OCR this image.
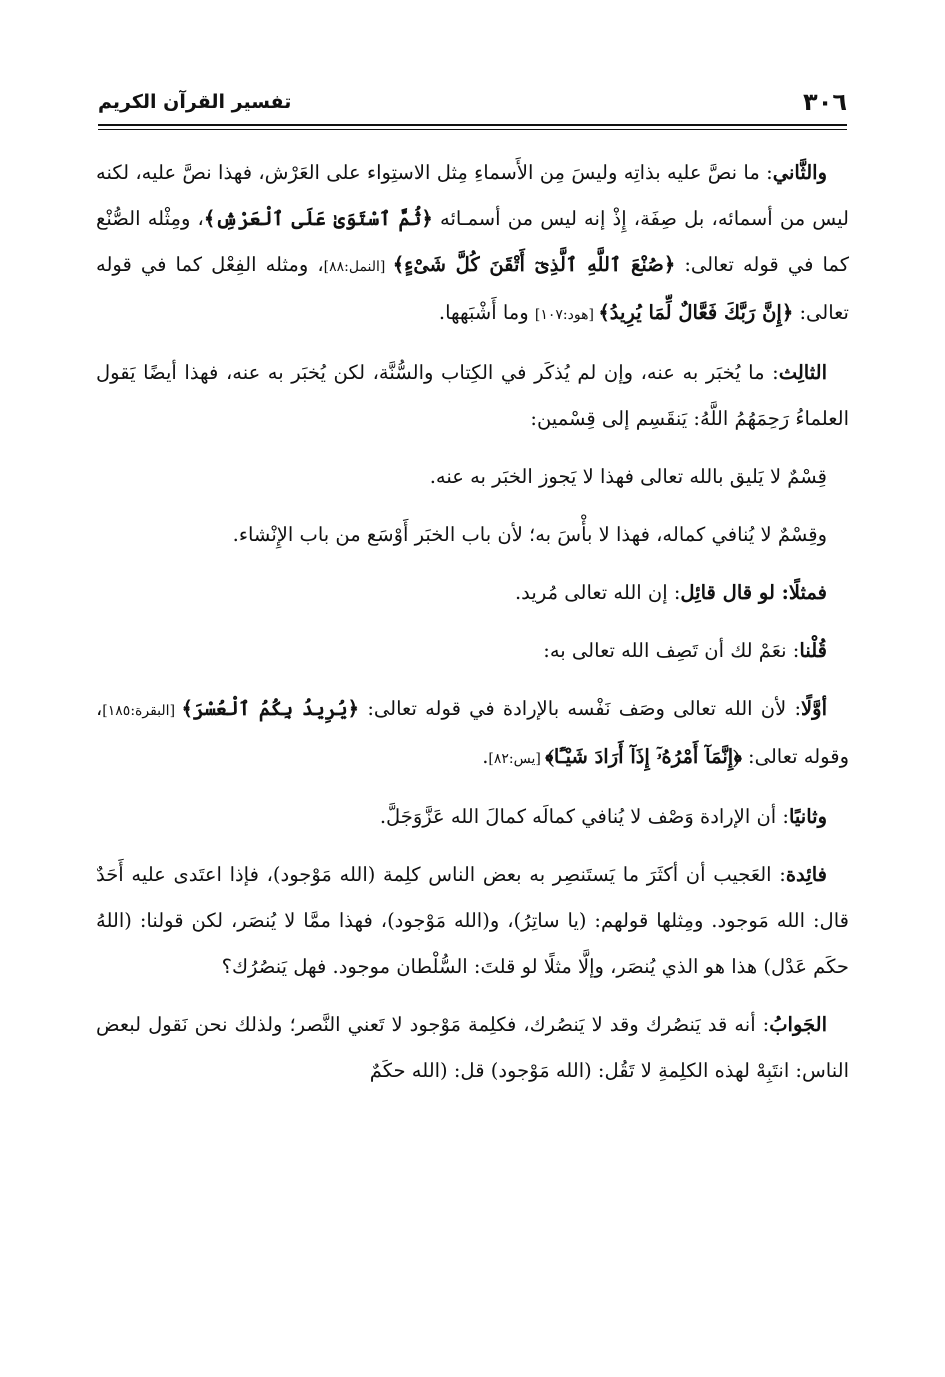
٣٠٦
تفسير القرآن الكريم

والثَّاني: ما نصَّ عليه بذاتِه وليسَ مِن الأَسماءِ مِثل الاستِواء على العَرْش، فهذا نصَّ عليه، لكنه ليس من أسمائه، بل صِفَة، إِذْ إنه ليس من أسمـائه ﴿ثُمَّ ٱسْتَوَىٰ عَلَى ٱلْعَرْشِ﴾، ومِثْله الصُّنْع كما في قوله تعالى: ﴿صُنْعَ ٱللَّهِ ٱلَّذِىٓ أَتْقَنَ كُلَّ شَىْءٍ﴾ [النمل:٨٨]، ومثله الفِعْل كما في قوله تعالى: ﴿إِنَّ رَبَّكَ فَعَّالٌ لِّمَا يُرِيدُ﴾ [هود:١٠٧] وما أَشْبَهها.

الثالِث: ما يُخبَر به عنه، وإن لم يُذكَر في الكِتاب والسُّنَّة، لكن يُخبَر به عنه، فهذا أيضًا يَقول العلماءُ رَحِمَهُمُ اللَّهُ: يَنقَسِم إلى قِسْمين:

قِسْمٌ لا يَليق بالله تعالى فهذا لا يَجوز الخبَر به عنه.

وقِسْمٌ لا يُنافي كماله، فهذا لا بأْسَ به؛ لأن باب الخبَر أَوْسَع من باب الإِنْشاء.

فمثلًا: لو قال قائِل: إن الله تعالى مُريد.

قُلْنا: نعَمْ لك أن تَصِف الله تعالى به:

أوَّلًا: لأن الله تعالى وصَف نَفْسه بالإرادة في قوله تعالى: ﴿يُرِيدُ بِكُمُ ٱلْعُسْرَ﴾ [البقرة:١٨٥]، وقوله تعالى: ﴿إِنَّمَآ أَمْرُهُۥٓ إِذَآ أَرَادَ شَيْـًٔا﴾ [يس:٨٢].

وثانيًا: أن الإرادة وَصْف لا يُنافي كمالَه كمالَ الله عَزَّوَجَلَّ.

فائِدة: العَجيب أن أكثَرَ ما يَستَنصِر به بعض الناس كلِمة (الله مَوْجود)، فإذا اعتَدى عليه أَحَدٌ قال: الله مَوجود. ومِثلها قولهم: (يا ساتِرُ)، و(الله مَوْجود)، فهذا ممَّا لا يُنصَر، لكن قولنا: (اللهُ حكَم عَدْل) هذا هو الذي يُنصَر، وإلَّا مثلًا لو قلتَ: السُّلْطان موجود. فهل يَنصُرُك؟

الجَوابُ: أنه قد يَنصُرك وقد لا يَنصُرك، فكلِمة مَوْجود لا تَعني النَّصر؛ ولذلك نحن نَقول لبعض الناس: انتَبِهْ لهذه الكلِمةِ لا تَقُل: (الله مَوْجود) قل: (الله حكَمٌ
